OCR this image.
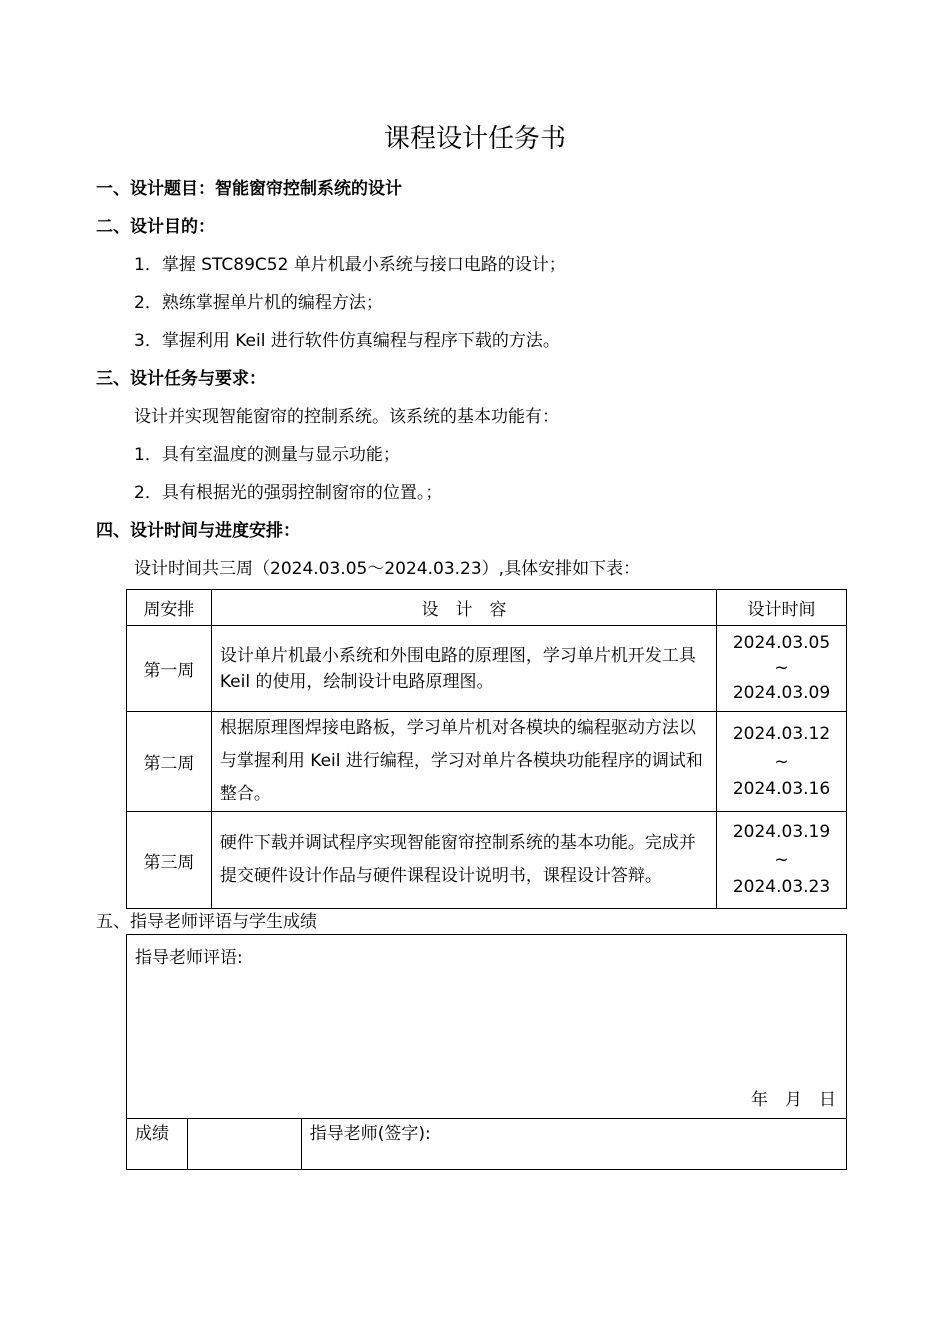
课程设计任务书
一、设计题目：智能窗帘控制系统的设计
二、设计目的：
1．掌握 STC89C52 单片机最小系统与接口电路的设计；
2．熟练掌握单片机的编程方法；
3．掌握利用 Keil 进行软件仿真编程与程序下载的方法。
三、设计任务与要求：
设计并实现智能窗帘的控制系统。该系统的基本功能有：
1．具有室温度的测量与显示功能；
2．具有根据光的强弱控制窗帘的位置。；
四、设计时间与进度安排：
设计时间共三周（2024.03.05～2024.03.23）,具体安排如下表：
周安排	设　计　容	设计时间
第一周	设计单片机最小系统和外围电路的原理图，学习单片机开发工具 Keil 的使用，绘制设计电路原理图。	2024.03.05
~
2024.03.09

第二周	根据原理图焊接电路板，学习单片机对各模块的编程驱动方法以与掌握利用 Keil 进行编程，学习对单片各模块功能程序的调试和整合。	2024.03.12
~
2024.03.16

第三周	硬件下载并调试程序实现智能窗帘控制系统的基本功能。完成并提交硬件设计作品与硬件课程设计说明书，课程设计答辩。	2024.03.19
~
2024.03.23
五、指导老师评语与学生成绩
指导老师评语:
年　月　日

成绩		指导老师(签字):
